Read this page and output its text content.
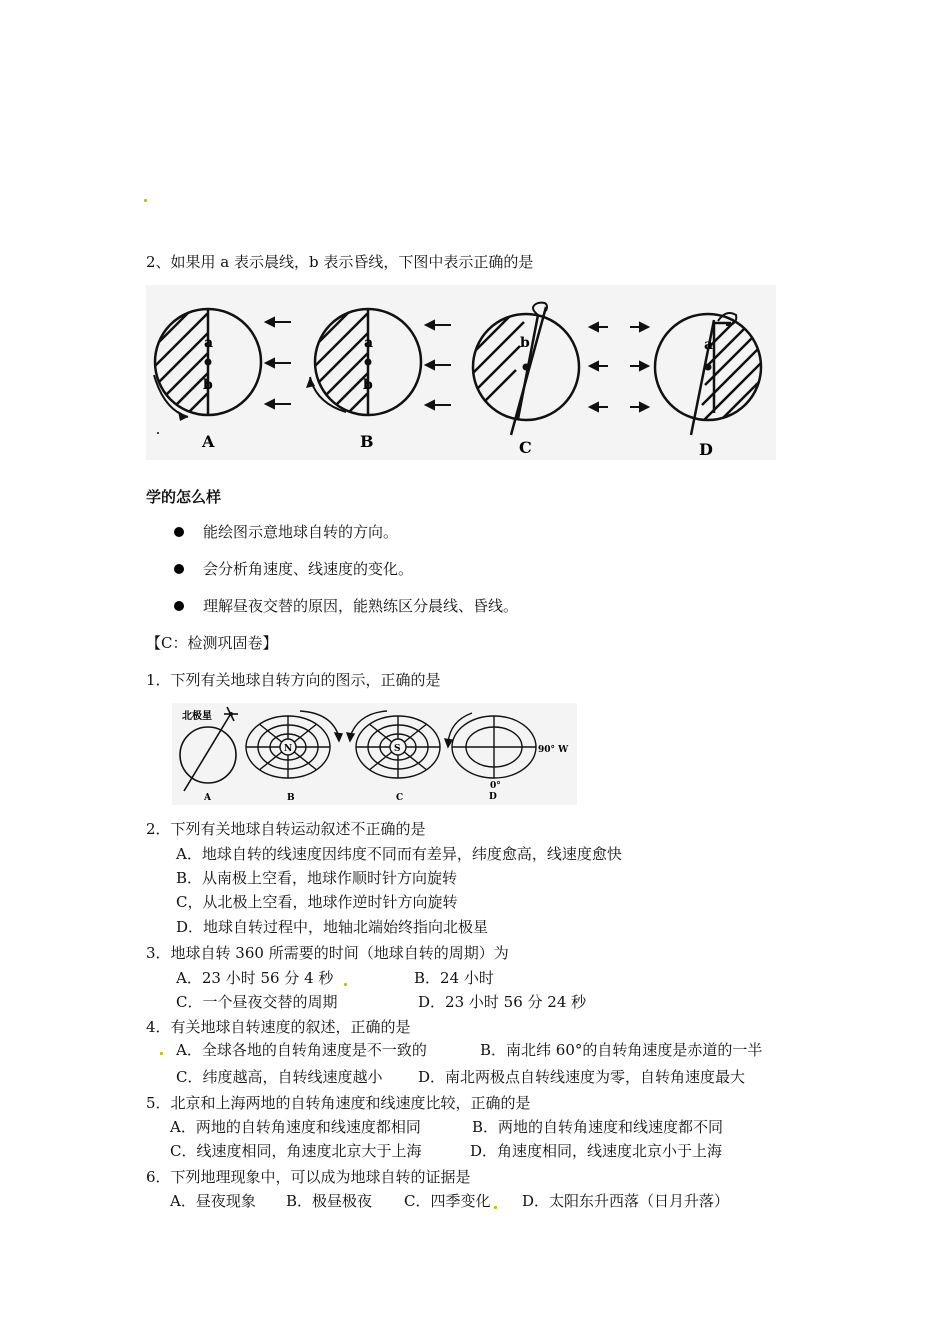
2、如果用 a 表示晨线，b 表示昏线，下图中表示正确的是
a
b
A
a
b
B
b
C
a
D
学的怎么样
能绘图示意地球自转的方向。
会分析角速度、线速度的变化。
理解昼夜交替的原因，能熟练区分晨线、昏线。
【C：检测巩固卷】
1．下列有关地球自转方向的图示，正确的是
北极星
A
N
B
S
C
90° W
0°
D
2．下列有关地球自转运动叙述不正确的是
A．地球自转的线速度因纬度不同而有差异，纬度愈高，线速度愈快
B．从南极上空看，地球作顺时针方向旋转
C，从北极上空看，地球作逆时针方向旋转
D．地球自转过程中，地轴北端始终指向北极星
3．地球自转 360 所需要的时间（地球自转的周期）为
A．23 小时 56 分 4 秒	B．24 小时
C．一个昼夜交替的周期	D．23 小时 56 分 24 秒
4．有关地球自转速度的叙述，正确的是
A．全球各地的自转角速度是不一致的	B．南北纬 60°的自转角速度是赤道的一半
C．纬度越高，自转线速度越小 D．南北两极点自转线速度为零，自转角速度最大
5．北京和上海两地的自转角速度和线速度比较，正确的是
A．两地的自转角速度和线速度都相同	B．两地的自转角速度和线速度都不同
C．线速度相同，角速度北京大于上海	D．角速度相同，线速度北京小于上海
6．下列地理现象中，可以成为地球自转的证据是
A．昼夜现象 B．极昼极夜 C．四季变化 D．太阳东升西落（日月升落）
